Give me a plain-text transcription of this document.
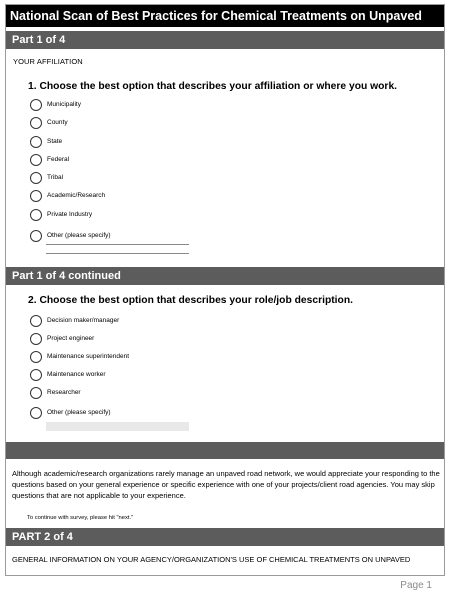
National Scan of Best Practices for Chemical Treatments on Unpaved
Part 1 of 4
YOUR AFFILIATION
1. Choose the best option that describes your affiliation or where you work.
Municipality
County
State
Federal
Tribal
Academic/Research
Private Industry
Other (please specify)
Part 1 of 4 continued
2. Choose the best option that describes your role/job description.
Decision maker/manager
Project engineer
Maintenance superintendent
Maintenance worker
Researcher
Other (please specify)
Although academic/research organizations rarely manage an unpaved road network, we would appreciate your responding to the questions based on your general experience or specific experience with one of your projects/client road agencies. You may skip questions that are not applicable to your experience.
To continue with survey, please hit "next."
PART 2 of 4
GENERAL INFORMATION ON YOUR AGENCY/ORGANIZATION'S USE OF CHEMICAL TREATMENTS ON UNPAVED
Page 1
